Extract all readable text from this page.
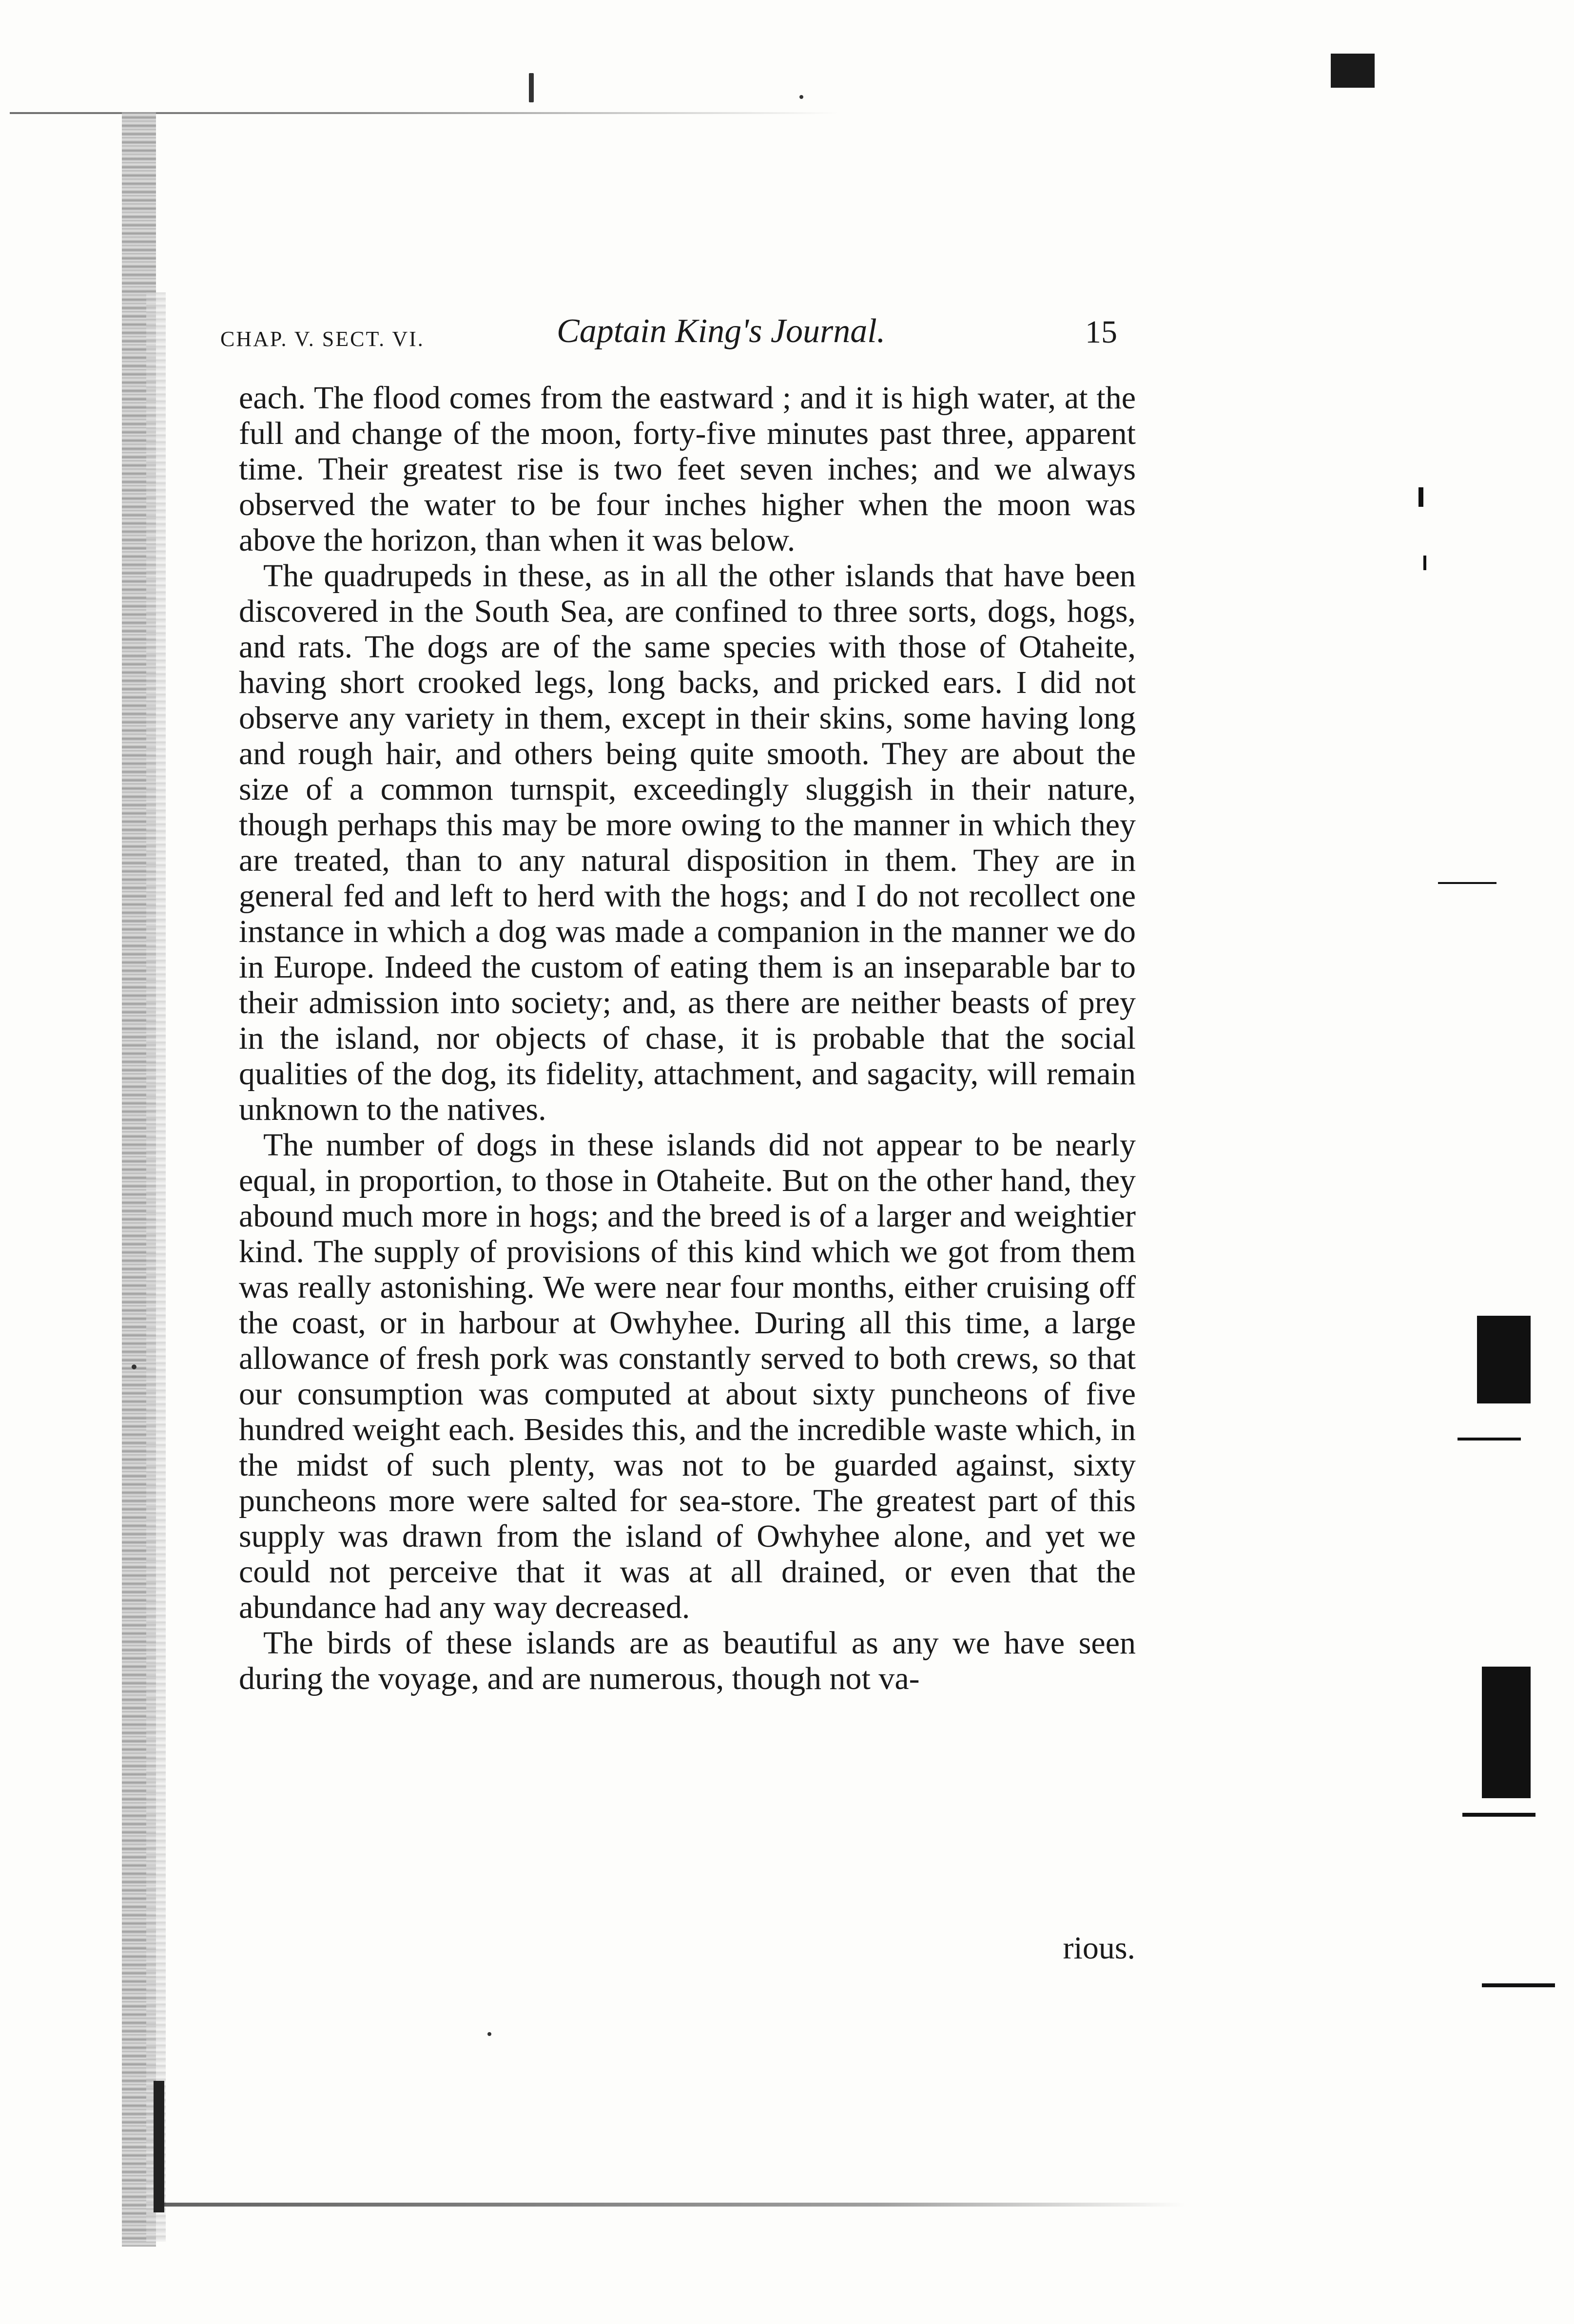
CHAP. V. SECT. VI.	Captain King's Journal.	15

each. The flood comes from the eastward ; and it is high water, at the full and change of the moon, forty-five minutes past three, apparent time. Their greatest rise is two feet seven inches; and we always observed the water to be four inches higher when the moon was above the horizon, than when it was below.

The quadrupeds in these, as in all the other islands that have been discovered in the South Sea, are confined to three sorts, dogs, hogs, and rats. The dogs are of the same species with those of Otaheite, having short crooked legs, long backs, and pricked ears. I did not observe any variety in them, except in their skins, some having long and rough hair, and others being quite smooth. They are about the size of a common turnspit, exceedingly sluggish in their nature, though perhaps this may be more owing to the manner in which they are treated, than to any natural disposition in them. They are in general fed and left to herd with the hogs; and I do not recollect one instance in which a dog was made a companion in the manner we do in Europe. Indeed the custom of eating them is an inseparable bar to their admission into society; and, as there are neither beasts of prey in the island, nor objects of chase, it is probable that the social qualities of the dog, its fidelity, attachment, and sagacity, will remain unknown to the natives.

The number of dogs in these islands did not appear to be nearly equal, in proportion, to those in Otaheite. But on the other hand, they abound much more in hogs; and the breed is of a larger and weightier kind. The supply of provisions of this kind which we got from them was really astonishing. We were near four months, either cruising off the coast, or in harbour at Owhyhee. During all this time, a large allowance of fresh pork was constantly served to both crews, so that our consumption was computed at about sixty puncheons of five hundred weight each. Besides this, and the incredible waste which, in the midst of such plenty, was not to be guarded against, sixty puncheons more were salted for sea-store. The greatest part of this supply was drawn from the island of Owhyhee alone, and yet we could not perceive that it was at all drained, or even that the abundance had any way decreased.

The birds of these islands are as beautiful as any we have seen during the voyage, and are numerous, though not va-

rious.
